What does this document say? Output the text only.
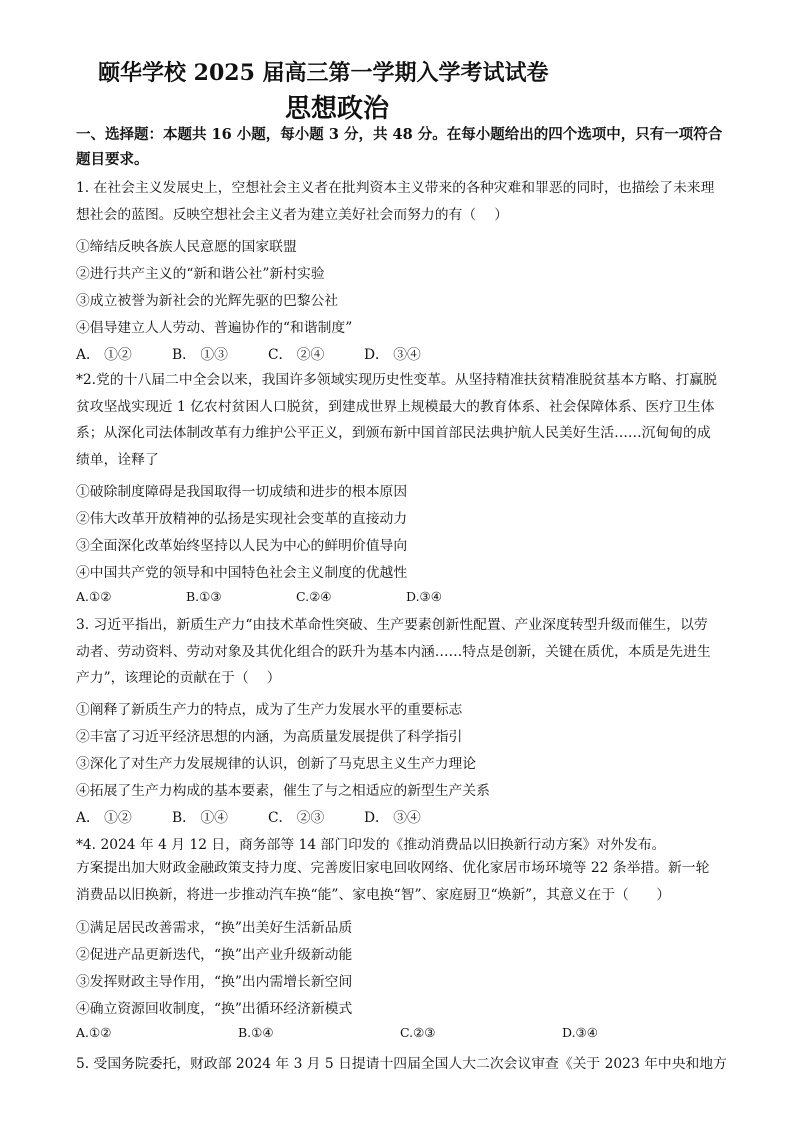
颐华学校 2025 届高三第一学期入学考试试卷
思想政治
一、选择题：本题共 16 小题，每小题 3 分，共 48 分。在每小题给出的四个选项中，只有一项符合题目要求。
1. 在社会主义发展史上，空想社会主义者在批判资本主义带来的各种灾难和罪恶的同时，也描绘了未来理想社会的蓝图。反映空想社会主义者为建立美好社会而努力的有（　 ）
①缔结反映各族人民意愿的国家联盟
②进行共产主义的“新和谐公社”新村实验
③成立被誉为新社会的光辉先驱的巴黎公社
④倡导建立人人劳动、普遍协作的“和谐制度”
A． ①②	B． ①③	C． ②④	D． ③④
*2.党的十八届二中全会以来，我国许多领域实现历史性变革。从坚持精准扶贫精准脱贫基本方略、打赢脱贫攻坚战实现近 1 亿农村贫困人口脱贫，到建成世界上规模最大的教育体系、社会保障体系、医疗卫生体系；从深化司法体制改革有力维护公平正义，到颁布新中国首部民法典护航人民美好生活……沉甸甸的成绩单，诠释了
①破除制度障碍是我国取得一切成绩和进步的根本原因
②伟大改革开放精神的弘扬是实现社会变革的直接动力
③全面深化改革始终坚持以人民为中心的鲜明价值导向
④中国共产党的领导和中国特色社会主义制度的优越性
A.①②	B.①③	C.②④	D.③④
3. 习近平指出，新质生产力“由技术革命性突破、生产要素创新性配置、产业深度转型升级而催生，以劳动者、劳动资料、劳动对象及其优化组合的跃升为基本内涵……特点是创新，关键在质优，本质是先进生产力”，该理论的贡献在于（　 ）
①阐释了新质生产力的特点，成为了生产力发展水平的重要标志
②丰富了习近平经济思想的内涵，为高质量发展提供了科学指引
③深化了对生产力发展规律的认识，创新了马克思主义生产力理论
④拓展了生产力构成的基本要素，催生了与之相适应的新型生产关系
A． ①②	B． ①④	C． ②③	D． ③④
*4. 2024 年 4 月 12 日，商务部等 14 部门印发的《推动消费品以旧换新行动方案》对外发布。
方案提出加大财政金融政策支持力度、完善废旧家电回收网络、优化家居市场环境等 22 条举措。新一轮消费品以旧换新，将进一步推动汽车换“能”、家电换“智”、家庭厨卫“焕新”，其意义在于（　　）
①满足居民改善需求，“换”出美好生活新品质
②促进产品更新迭代，“换”出产业升级新动能
③发挥财政主导作用，“换”出内需增长新空间
④确立资源回收制度，“换”出循环经济新模式
A.①②	B.①④	C.②③	D.③④
5. 受国务院委托，财政部 2024 年 3 月 5 日提请十四届全国人大二次会议审查《关于 2023 年中央和地方
